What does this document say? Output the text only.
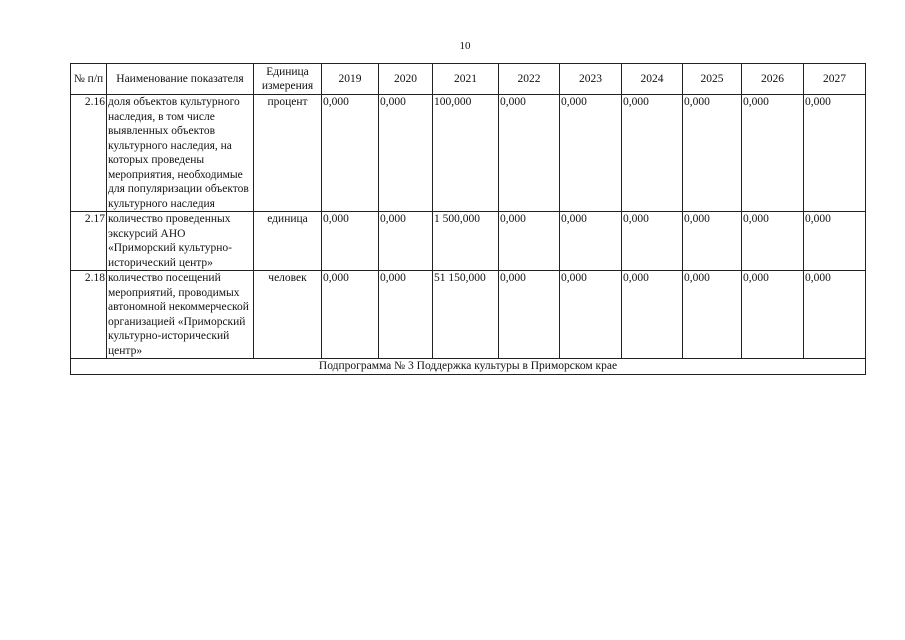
10
№ п/п	Наименование показателя	Единица измерения	2019	2020	2021	2022	2023	2024	2025	2026	2027
2.16	доля объектов культурного наследия, в том числе выявленных объектов культурного наследия, на которых проведены мероприятия, необходимые для популяризации объектов культурного наследия	процент	0,000	0,000	100,000	0,000	0,000	0,000	0,000	0,000	0,000
2.17	количество проведенных экскурсий АНО «Приморский культурно-исторический центр»	единица	0,000	0,000	1 500,000	0,000	0,000	0,000	0,000	0,000	0,000
2.18	количество посещений мероприятий, проводимых автономной некоммерческой организацией «Приморский культурно-исторический центр»	человек	0,000	0,000	51 150,000	0,000	0,000	0,000	0,000	0,000	0,000
Подпрограмма № 3 Поддержка культуры в Приморском крае											
